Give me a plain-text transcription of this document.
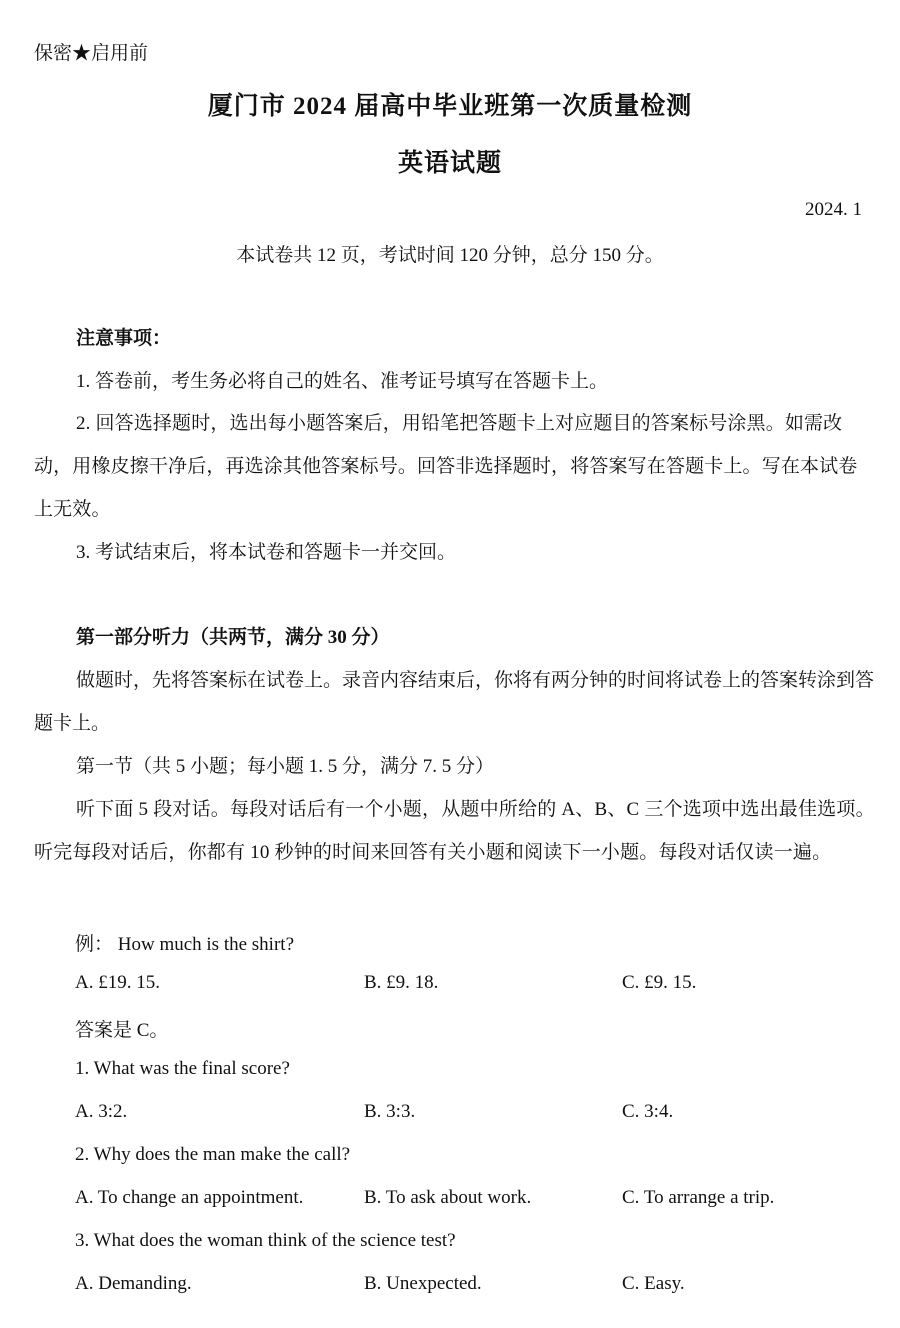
保密★启用前
厦门市 2024 届高中毕业班第一次质量检测
英语试题
2024. 1
本试卷共 12 页，考试时间 120 分钟，总分 150 分。
注意事项：
1. 答卷前，考生务必将自己的姓名、准考证号填写在答题卡上。
2. 回答选择题时，选出每小题答案后，用铅笔把答题卡上对应题目的答案标号涂黑。如需改动，用橡皮擦干净后，再选涂其他答案标号。回答非选择题时，将答案写在答题卡上。写在本试卷上无效。
3. 考试结束后，将本试卷和答题卡一并交回。
第一部分听力（共两节，满分 30 分）
做题时，先将答案标在试卷上。录音内容结束后，你将有两分钟的时间将试卷上的答案转涂到答题卡上。
第一节（共 5 小题；每小题 1. 5 分，满分 7. 5 分）
听下面 5 段对话。每段对话后有一个小题，从题中所给的 A、B、C 三个选项中选出最佳选项。听完每段对话后，你都有 10 秒钟的时间来回答有关小题和阅读下一小题。每段对话仅读一遍。
例： How much is the shirt?
A. £19. 15.	B. £9. 18.	C. £9. 15.
答案是 C。
1. What was the final score?
A. 3:2.	B. 3:3.	C. 3:4.
2. Why does the man make the call?
A. To change an appointment.	B. To ask about work.	C. To arrange a trip.
3. What does the woman think of the science test?
A. Demanding.	B. Unexpected.	C. Easy.
